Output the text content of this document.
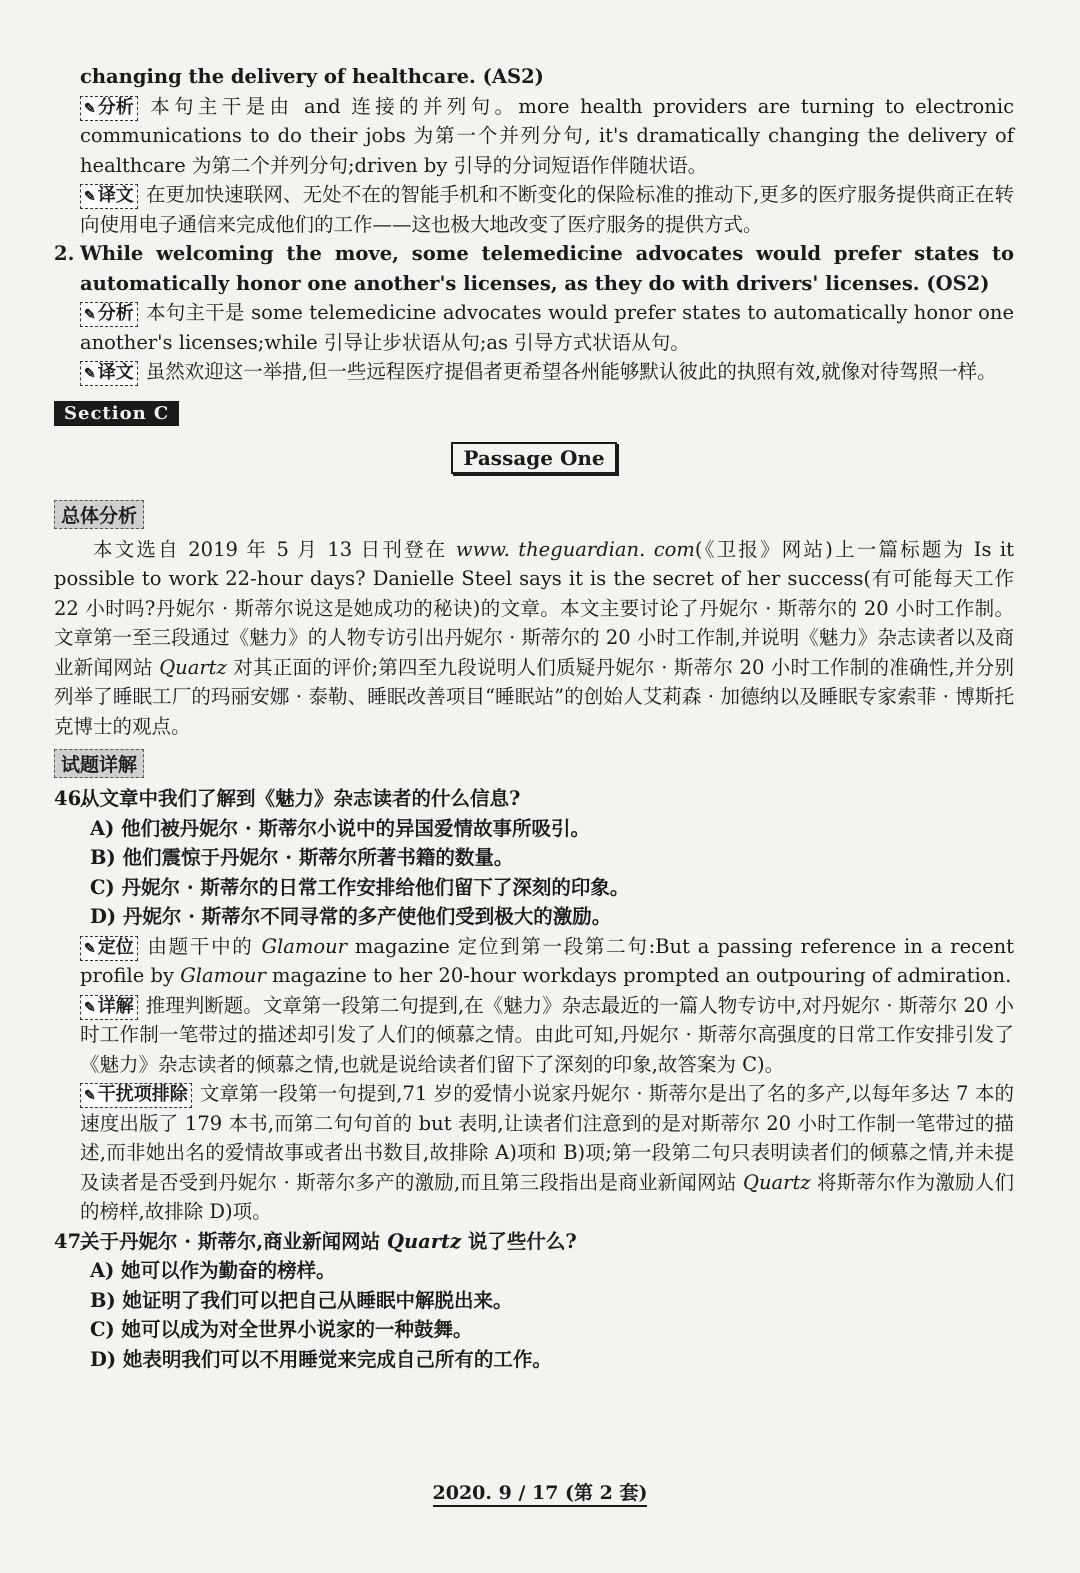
changing the delivery of healthcare. (AS2)
✎ 分析 本句主干是由 and 连接的并列句。more health providers are turning to electronic communications to do their jobs 为第一个并列分句, it's dramatically changing the delivery of healthcare 为第二个并列分句;driven by 引导的分词短语作伴随状语。
✎ 译文 在更加快速联网、无处不在的智能手机和不断变化的保险标准的推动下,更多的医疗服务提供商正在转向使用电子通信来完成他们的工作——这也极大地改变了医疗服务的提供方式。
2. While welcoming the move, some telemedicine advocates would prefer states to automatically honor one another's licenses, as they do with drivers' licenses. (OS2)
✎ 分析 本句主干是 some telemedicine advocates would prefer states to automatically honor one another's licenses;while 引导让步状语从句;as 引导方式状语从句。
✎ 译文 虽然欢迎这一举措,但一些远程医疗提倡者更希望各州能够默认彼此的执照有效,就像对待驾照一样。
Section C
Passage One
总体分析
本文选自 2019 年 5 月 13 日刊登在 www. theguardian. com(《卫报》网站)上一篇标题为 Is it possible to work 22-hour days? Danielle Steel says it is the secret of her success(有可能每天工作 22 小时吗?丹妮尔 · 斯蒂尔说这是她成功的秘诀)的文章。本文主要讨论了丹妮尔 · 斯蒂尔的 20 小时工作制。文章第一至三段通过《魅力》的人物专访引出丹妮尔 · 斯蒂尔的 20 小时工作制,并说明《魅力》杂志读者以及商业新闻网站 Quartz 对其正面的评价;第四至九段说明人们质疑丹妮尔 · 斯蒂尔 20 小时工作制的准确性,并分别列举了睡眠工厂的玛丽安娜 · 泰勒、睡眠改善项目“睡眠站”的创始人艾莉森 · 加德纳以及睡眠专家索菲 · 博斯托克博士的观点。
试题详解
46.从文章中我们了解到《魅力》杂志读者的什么信息?
A) 他们被丹妮尔 · 斯蒂尔小说中的异国爱情故事所吸引。
B) 他们震惊于丹妮尔 · 斯蒂尔所著书籍的数量。
C) 丹妮尔 · 斯蒂尔的日常工作安排给他们留下了深刻的印象。
D) 丹妮尔 · 斯蒂尔不同寻常的多产使他们受到极大的激励。
✎ 定位 由题干中的 Glamour magazine 定位到第一段第二句:But a passing reference in a recent profile by Glamour magazine to her 20-hour workdays prompted an outpouring of admiration.
✎ 详解 推理判断题。文章第一段第二句提到,在《魅力》杂志最近的一篇人物专访中,对丹妮尔 · 斯蒂尔 20 小时工作制一笔带过的描述却引发了人们的倾慕之情。由此可知,丹妮尔 · 斯蒂尔高强度的日常工作安排引发了《魅力》杂志读者的倾慕之情,也就是说给读者们留下了深刻的印象,故答案为 C)。
✎ 干扰项排除 文章第一段第一句提到,71 岁的爱情小说家丹妮尔 · 斯蒂尔是出了名的多产,以每年多达 7 本的速度出版了 179 本书,而第二句句首的 but 表明,让读者们注意到的是对斯蒂尔 20 小时工作制一笔带过的描述,而非她出名的爱情故事或者出书数目,故排除 A)项和 B)项;第一段第二句只表明读者们的倾慕之情,并未提及读者是否受到丹妮尔 · 斯蒂尔多产的激励,而且第三段指出是商业新闻网站 Quartz 将斯蒂尔作为激励人们的榜样,故排除 D)项。
47.关于丹妮尔 · 斯蒂尔,商业新闻网站 Quartz 说了些什么?
A) 她可以作为勤奋的榜样。
B) 她证明了我们可以把自己从睡眠中解脱出来。
C) 她可以成为对全世界小说家的一种鼓舞。
D) 她表明我们可以不用睡觉来完成自己所有的工作。
2020. 9 / 17 (第 2 套)
